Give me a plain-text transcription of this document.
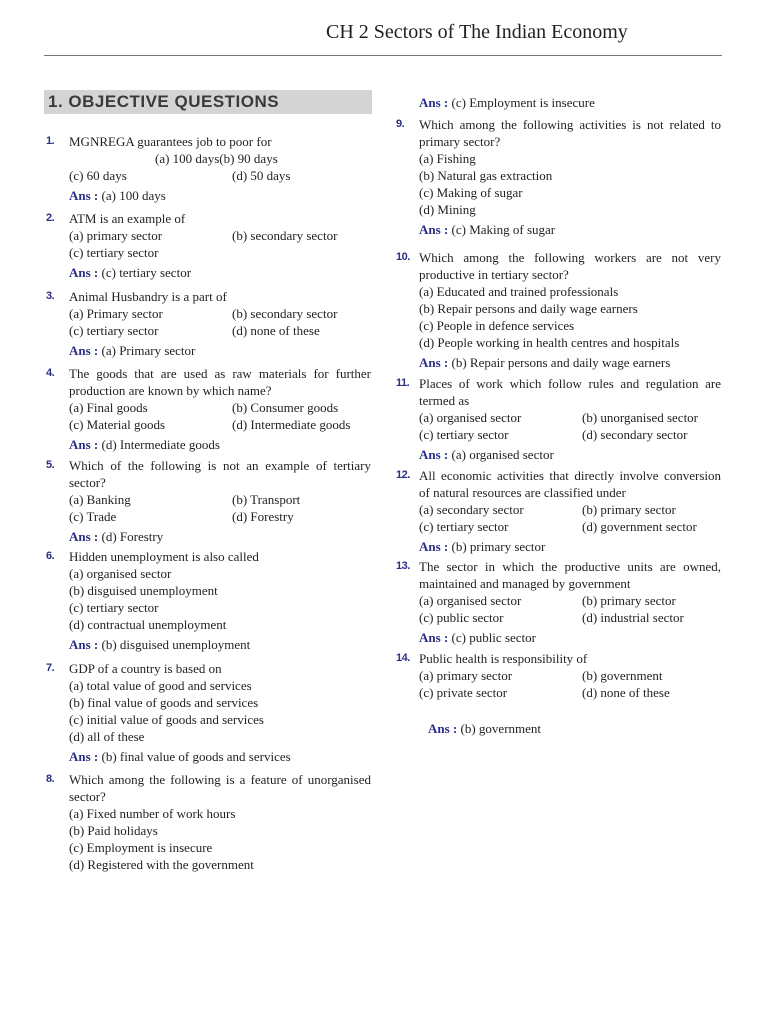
CH 2 Sectors of The Indian Economy
1. OBJECTIVE QUESTIONS
1. MGNREGA guarantees job to poor for
(a) 100 days (b) 90 days
(c) 60 days	(d) 50 days
Ans : (a) 100 days
2. ATM is an example of
(a) primary sector	(b) secondary sector
(c) tertiary sector
Ans : (c) tertiary sector
3. Animal Husbandry is a part of
(a) Primary sector	(b) secondary sector
(c) tertiary sector	(d) none of these
Ans : (a) Primary sector
4. The goods that are used as raw materials for further production are known by which name?
(a) Final goods	(b) Consumer goods
(c) Material goods	(d) Intermediate goods
Ans : (d) Intermediate goods
5. Which of the following is not an example of tertiary sector?
(a) Banking	(b) Transport
(c) Trade	(d) Forestry
Ans : (d) Forestry
6. Hidden unemployment is also called
(a) organised sector
(b) disguised unemployment
(c) tertiary sector
(d) contractual unemployment
Ans : (b) disguised unemployment
7. GDP of a country is based on
(a) total value of good and services
(b) final value of goods and services
(c) initial value of goods and services
(d) all of these
Ans : (b) final value of goods and services
8. Which among the following is a feature of unorganised sector?
(a) Fixed number of work hours
(b) Paid holidays
(c) Employment is insecure
(d) Registered with the government
Ans : (c) Employment is insecure
9. Which among the following activities is not related to primary sector?
(a) Fishing
(b) Natural gas extraction
(c) Making of sugar
(d) Mining
Ans : (c) Making of sugar
10. Which among the following workers are not very productive in tertiary sector?
(a) Educated and trained professionals
(b) Repair persons and daily wage earners
(c) People in defence services
(d) People working in health centres and hospitals
Ans : (b) Repair persons and daily wage earners
11. Places of work which follow rules and regulation are termed as
(a) organised sector	(b) unorganised sector
(c) tertiary sector	(d) secondary sector
Ans : (a) organised sector
12. All economic activities that directly involve conversion of natural resources are classified under
(a) secondary sector	(b) primary sector
(c) tertiary sector	(d) government sector
Ans : (b) primary sector
13. The sector in which the productive units are owned, maintained and managed by government
(a) organised sector	(b) primary sector
(c) public sector	(d) industrial sector
Ans : (c) public sector
14. Public health is responsibility of
(a) primary sector	(b) government
(c) private sector	(d) none of these
Ans : (b) government
